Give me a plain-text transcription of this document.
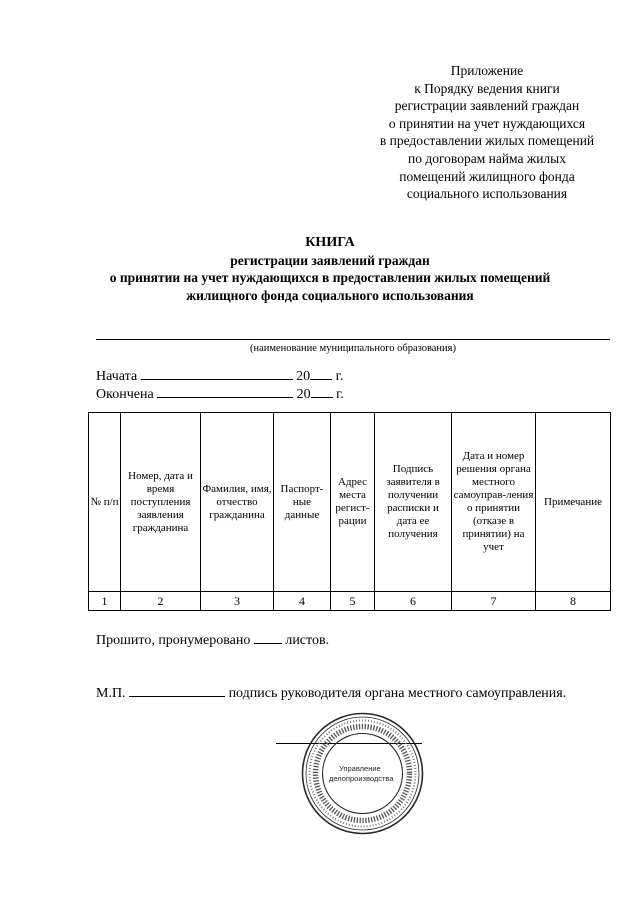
Приложение
к Порядку ведения книги
регистрации заявлений граждан
о принятии на учет нуждающихся
в предоставлении жилых помещений
по договорам найма жилых
помещений жилищного фонда
социального использования
КНИГА
регистрации заявлений граждан
о принятии на учет нуждающихся в предоставлении жилых помещений
жилищного фонда социального использования
(наименование муниципального образования)
Начата	20 г.
Окончена	20 г.
№ п/п	Номер, дата и время поступления заявления гражданина	Фамилия, имя, отчество гражданина	Паспорт-ные данные	Адрес места регист-рации	Подпись заявителя в получении расписки и дата ее получения	Дата и номер решения органа местного самоуправ-ления о принятии (отказе в принятии) на учет	Примечание
1	2	3	4	5	6	7	8
Прошито, пронумеровано	листов.
М.П.	подпись руководителя органа местного самоуправления.
Управление
делопроизводства
